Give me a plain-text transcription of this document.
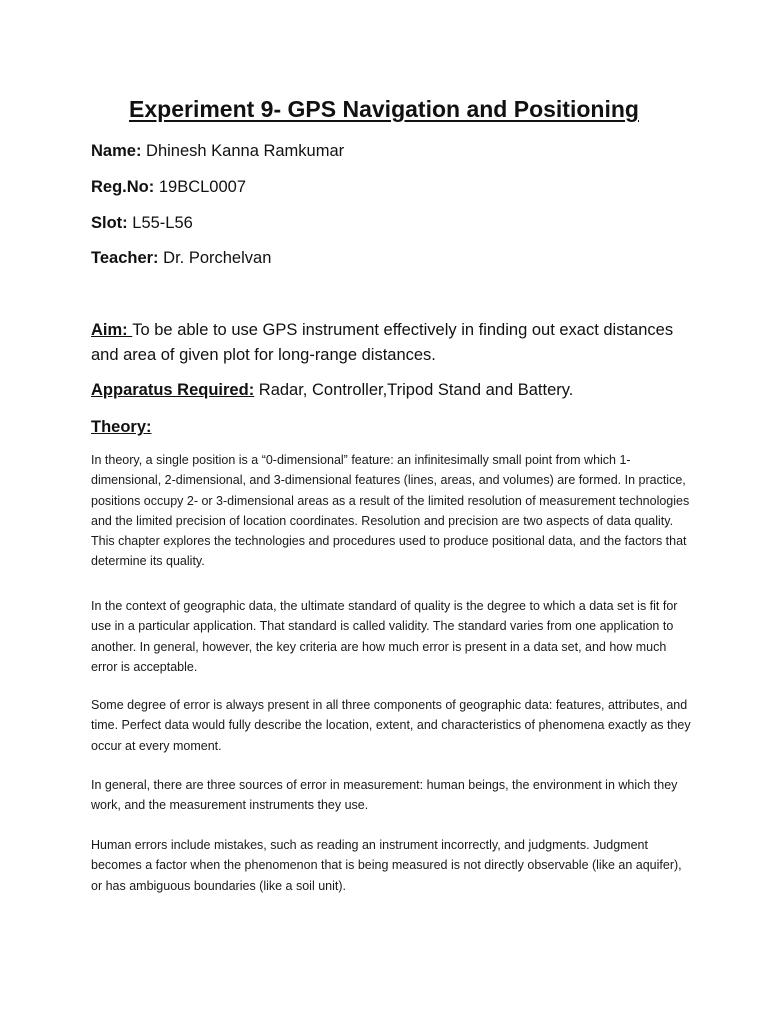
Experiment 9- GPS Navigation and Positioning
Name: Dhinesh Kanna Ramkumar
Reg.No: 19BCL0007
Slot: L55-L56
Teacher: Dr. Porchelvan
Aim: To be able to use GPS instrument effectively in finding out exact distances and area of given plot for long-range distances.
Apparatus Required: Radar, Controller,Tripod Stand and Battery.
Theory:

In theory, a single position is a “0-dimensional” feature: an infinitesimally small point from which 1-dimensional, 2-dimensional, and 3-dimensional features (lines, areas, and volumes) are formed. In practice, positions occupy 2- or 3-dimensional areas as a result of the limited resolution of measurement technologies and the limited precision of location coordinates. Resolution and precision are two aspects of data quality. This chapter explores the technologies and procedures used to produce positional data, and the factors that determine its quality.

In the context of geographic data, the ultimate standard of quality is the degree to which a data set is fit for use in a particular application. That standard is called validity. The standard varies from one application to another. In general, however, the key criteria are how much error is present in a data set, and how much error is acceptable.

Some degree of error is always present in all three components of geographic data: features, attributes, and time. Perfect data would fully describe the location, extent, and characteristics of phenomena exactly as they occur at every moment.

In general, there are three sources of error in measurement: human beings, the environment in which they work, and the measurement instruments they use.

Human errors include mistakes, such as reading an instrument incorrectly, and judgments. Judgment becomes a factor when the phenomenon that is being measured is not directly observable (like an aquifer), or has ambiguous boundaries (like a soil unit).
